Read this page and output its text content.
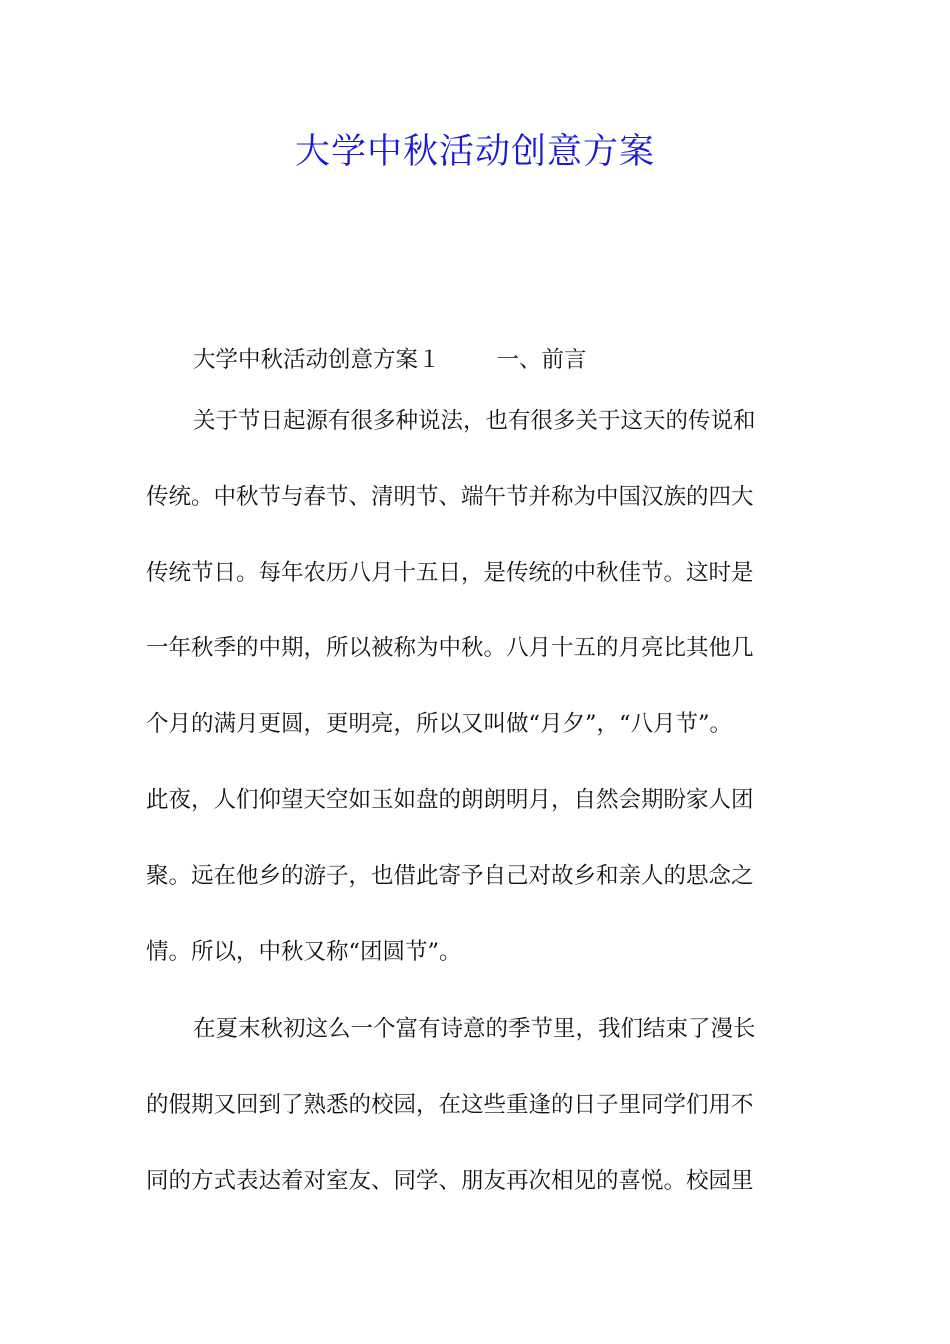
大学中秋活动创意方案
大学中秋活动创意方案１ 一、前言
关于节日起源有很多种说法，也有很多关于这天的传说和
传统。中秋节与春节、清明节、端午节并称为中国汉族的四大
传统节日。每年农历八月十五日，是传统的中秋佳节。这时是
一年秋季的中期，所以被称为中秋。八月十五的月亮比其他几
个月的满月更圆，更明亮，所以又叫做“月夕”，“八月节”。
此夜，人们仰望天空如玉如盘的朗朗明月，自然会期盼家人团
聚。远在他乡的游子，也借此寄予自己对故乡和亲人的思念之
情。所以，中秋又称“团圆节”。
在夏末秋初这么一个富有诗意的季节里，我们结束了漫长
的假期又回到了熟悉的校园，在这些重逢的日子里同学们用不
同的方式表达着对室友、同学、朋友再次相见的喜悦。校园里
